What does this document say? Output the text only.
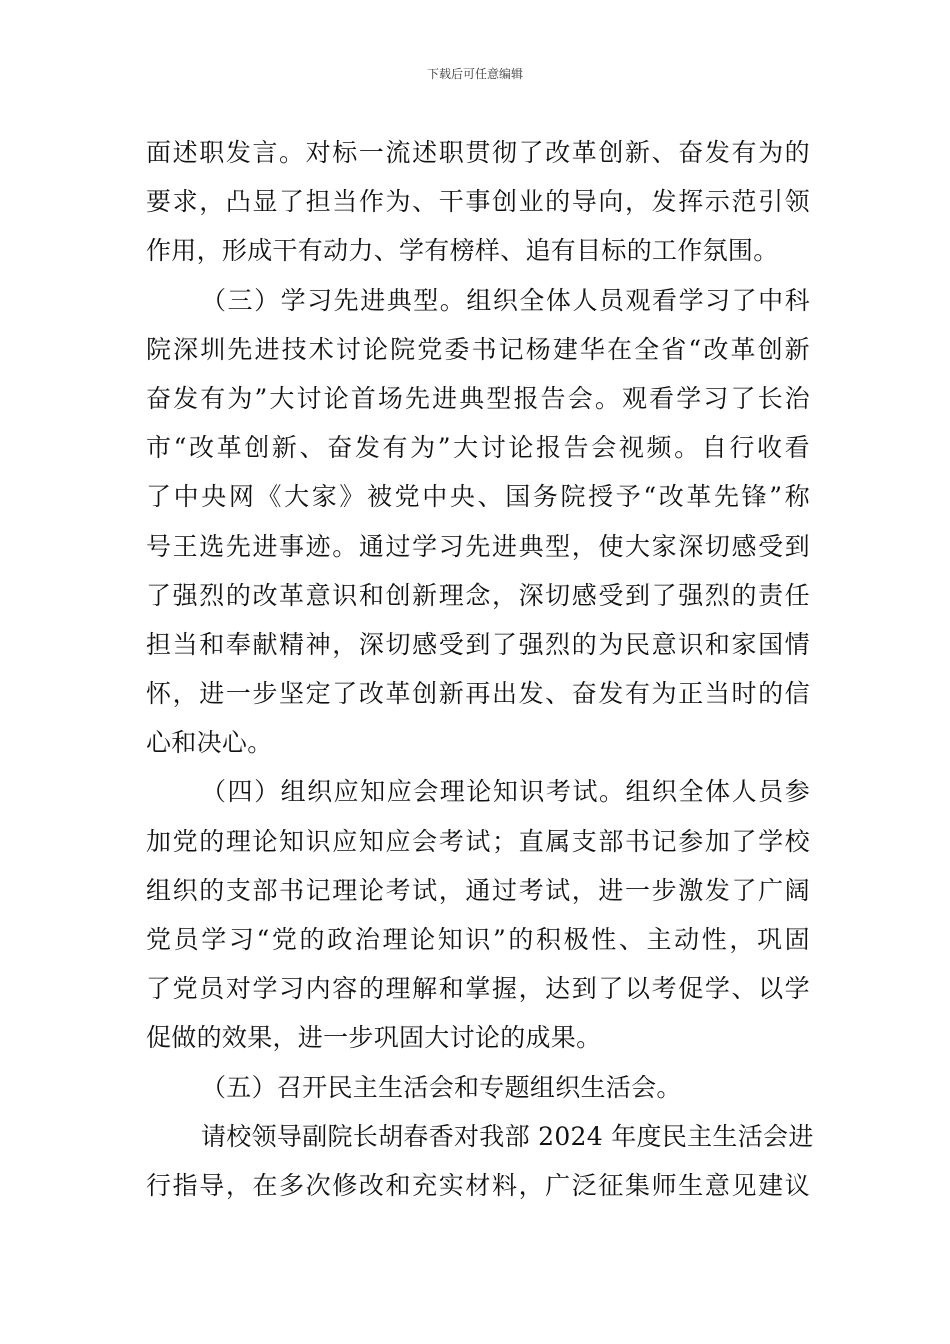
下载后可任意编辑
面述职发言。对标一流述职贯彻了改革创新、奋发有为的
要求，凸显了担当作为、干事创业的导向，发挥示范引领
作用，形成干有动力、学有榜样、追有目标的工作氛围。
（三）学习先进典型。组织全体人员观看学习了中科
院深圳先进技术讨论院党委书记杨建华在全省“改革创新
奋发有为”大讨论首场先进典型报告会。观看学习了长治
市“改革创新、奋发有为”大讨论报告会视频。自行收看
了中央网《大家》被党中央、国务院授予“改革先锋”称
号王选先进事迹。通过学习先进典型，使大家深切感受到
了强烈的改革意识和创新理念，深切感受到了强烈的责任
担当和奉献精神，深切感受到了强烈的为民意识和家国情
怀，进一步坚定了改革创新再出发、奋发有为正当时的信
心和决心。
（四）组织应知应会理论知识考试。组织全体人员参
加党的理论知识应知应会考试；直属支部书记参加了学校
组织的支部书记理论考试，通过考试，进一步激发了广阔
党员学习“党的政治理论知识”的积极性、主动性，巩固
了党员对学习内容的理解和掌握，达到了以考促学、以学
促做的效果，进一步巩固大讨论的成果。
（五）召开民主生活会和专题组织生活会。
请校领导副院长胡春香对我部 2024 年度民主生活会进
行指导，在多次修改和充实材料，广泛征集师生意见建议
